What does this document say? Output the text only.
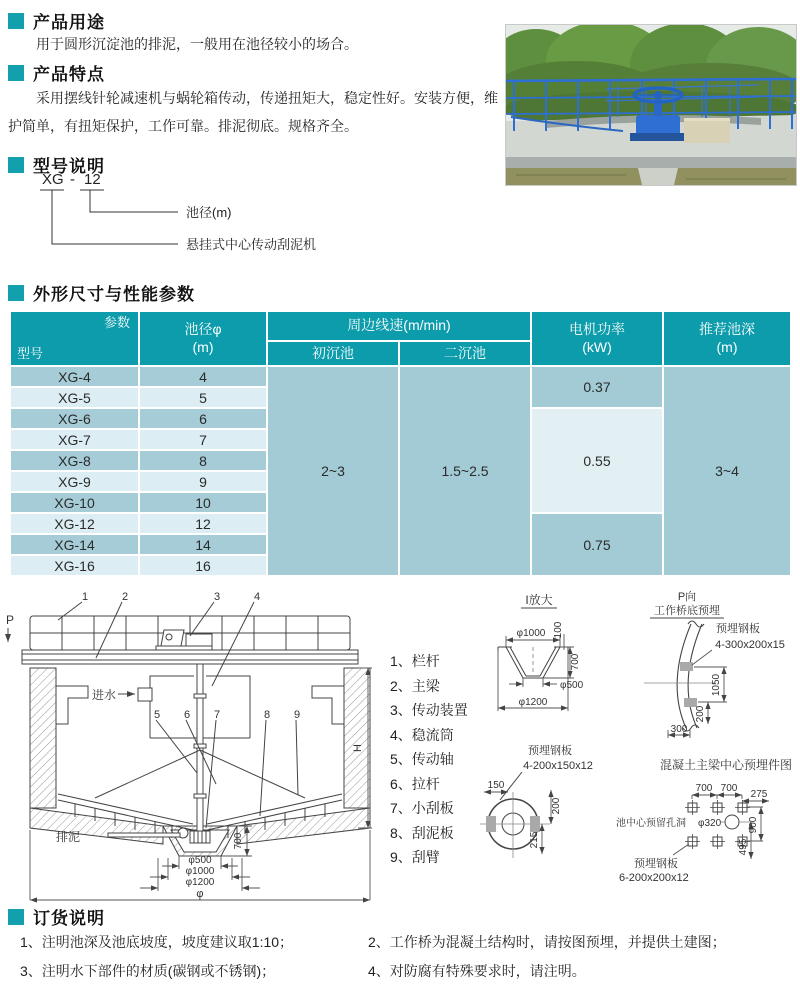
产品用途
用于圆形沉淀池的排泥，一般用在池径较小的场合。
产品特点
采用摆线针轮减速机与蜗轮箱传动，传递扭矩大，稳定性好。安装方便，维护简单，有扭矩保护，工作可靠。排泥彻底。规格齐全。
型号说明
XG - 12
池径(m)
悬挂式中心传动刮泥机
外形尺寸与性能参数
参数
型号

池径φ
(m)
	周边线速(m/min)	电机功率
(kW)

推荐池深
(m)

		初沉池	二沉池		
XG-4	4	2~3	1.5~2.5	0.37	3~4
XG-5	5				
XG-6	6			0.55	
XG-7	7				
XG-8	8				
XG-9	9				
XG-10	10				
XG-12	12			0.75	
XG-14	14				
XG-16	16				
1	2	3	4
5 6 7	8 9
P
进水
排泥
H
700
φ500
φ1000
φ1200
φ
1、栏杆
2、主梁
3、传动装置
4、稳流筒
5、传动轴
6、拉杆
7、小刮板
8、刮泥板
9、刮臂
I放大
φ1000 100
700
φ500
φ1200
预埋钢板
4-200x150x12
150
200
215
P向
工作桥底预埋
预埋钢板
4-300x200x15
1050
200
300
混凝土主梁中心预埋件图
700 700
275
池中心预留孔洞 φ320	900
495
预埋钢板
6-200x200x12
订货说明
1、注明池深及池底坡度，坡度建议取1:10；	2、工作桥为混凝土结构时，请按图预埋，并提供土建图；
3、注明水下部件的材质(碳钢或不锈钢)；	4、对防腐有特殊要求时，请注明。
